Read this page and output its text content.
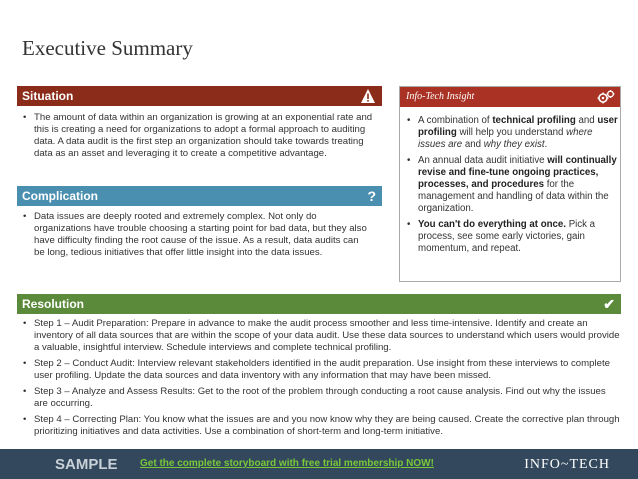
Executive Summary
Situation
• The amount of data within an organization is growing at an exponential rate and this is creating a need for organizations to adopt a formal approach to auditing data. A data audit is the first step an organization should take towards treating data as an asset and leveraging it to create a competitive advantage.
Complication	?
• Data issues are deeply rooted and extremely complex. Not only do organizations have trouble choosing a starting point for bad data, but they also have difficulty finding the root cause of the issue. As a result, data audits can be long, tedious initiatives that offer little insight into the data issues.
Info-Tech Insight
• A combination of technical profiling and user profiling will help you understand where issues are and why they exist.
• An annual data audit initiative will continually revise and fine-tune ongoing practices, processes, and procedures for the management and handling of data within the organization.
• You can't do everything at once. Pick a process, see some early victories, gain momentum, and repeat.
Resolution	✔
• Step 1 – Audit Preparation: Prepare in advance to make the audit process smoother and less time-intensive. Identify and create an inventory of all data sources that are within the scope of your data audit. Use these data sources to understand which users would provide a valuable, insightful interview. Schedule interviews and complete technical profiling.
• Step 2 – Conduct Audit: Interview relevant stakeholders identified in the audit preparation. Use insight from these interviews to complete user profiling. Update the data sources and data inventory with any information that may have been missed.
• Step 3 – Analyze and Assess Results: Get to the root of the problem through conducting a root cause analysis. Find out why the issues are occurring.
• Step 4 – Correcting Plan: You know what the issues are and you now know why they are being caused. Create the corrective plan through prioritizing initiatives and data activities. Use a combination of short-term and long-term initiative.
SAMPLE Get the complete storyboard with free trial membership NOW!	INFO~TECH
